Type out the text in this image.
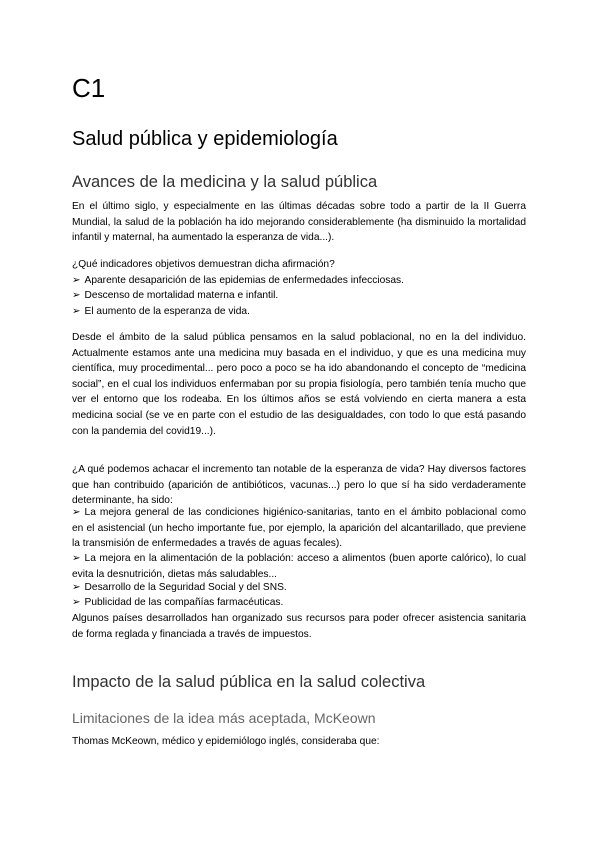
C1
Salud pública y epidemiología
Avances de la medicina y la salud pública

En el último siglo, y especialmente en las últimas décadas sobre todo a partir de la II Guerra Mundial, la salud de la población ha ido mejorando considerablemente (ha disminuido la mortalidad infantil y maternal, ha aumentado la esperanza de vida...).

¿Qué indicadores objetivos demuestran dicha afirmación?
➢ Aparente desaparición de las epidemias de enfermedades infecciosas.
➢ Descenso de mortalidad materna e infantil.
➢ El aumento de la esperanza de vida.

Desde el ámbito de la salud pública pensamos en la salud poblacional, no en la del individuo. Actualmente estamos ante una medicina muy basada en el individuo, y que es una medicina muy científica, muy procedimental... pero poco a poco se ha ido abandonando el concepto de “medicina social”, en el cual los individuos enfermaban por su propia fisiología, pero también tenía mucho que ver el entorno que los rodeaba. En los últimos años se está volviendo en cierta manera a esta medicina social (se ve en parte con el estudio de las desigualdades, con todo lo que está pasando con la pandemia del covid19...).

¿A qué podemos achacar el incremento tan notable de la esperanza de vida? Hay diversos factores que han contribuido (aparición de antibióticos, vacunas...) pero lo que sí ha sido verdaderamente determinante, ha sido:

➢ La mejora general de las condiciones higiénico-sanitarias, tanto en el ámbito poblacional como en el asistencial (un hecho importante fue, por ejemplo, la aparición del alcantarillado, que previene la transmisión de enfermedades a través de aguas fecales).

➢ La mejora en la alimentación de la población: acceso a alimentos (buen aporte calórico), lo cual evita la desnutrición, dietas más saludables...

➢ Desarrollo de la Seguridad Social y del SNS.

➢ Publicidad de las compañías farmacéuticas.

Algunos países desarrollados han organizado sus recursos para poder ofrecer asistencia sanitaria de forma reglada y financiada a través de impuestos.

Impacto de la salud pública en la salud colectiva
Limitaciones de la idea más aceptada, McKeown

Thomas McKeown, médico y epidemiólogo inglés, consideraba que:
